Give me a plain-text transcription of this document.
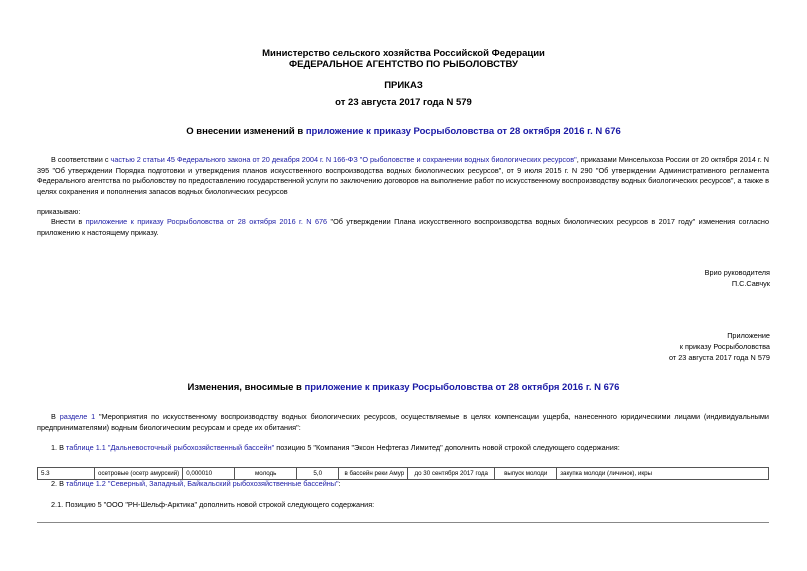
Министерство сельского хозяйства Российской Федерации
ФЕДЕРАЛЬНОЕ АГЕНТСТВО ПО РЫБОЛОВСТВУ
ПРИКАЗ
от 23 августа 2017 года N 579
О внесении изменений в приложение к приказу Росрыболовства от 28 октября 2016 г. N 676
В соответствии с частью 2 статьи 45 Федерального закона от 20 декабря 2004 г. N 166-ФЗ "О рыболовстве и сохранении водных биологических ресурсов", приказами Минсельхоза России от 20 октября 2014 г. N 395 "Об утверждении Порядка подготовки и утверждения планов искусственного воспроизводства водных биологических ресурсов", от 9 июля 2015 г. N 290 "Об утверждении Административного регламента Федерального агентства по рыболовству по предоставлению государственной услуги по заключению договоров на выполнение работ по искусственному воспроизводству водных биологических ресурсов", а также в целях сохранения и пополнения запасов водных биологических ресурсов
приказываю:
Внести в приложение к приказу Росрыболовства от 28 октября 2016 г. N 676 "Об утверждении Плана искусственного воспроизводства водных биологических ресурсов в 2017 году" изменения согласно приложению к настоящему приказу.
Врио руководителя
П.С.Савчук
Приложение
к приказу Росрыболовства
от 23 августа 2017 года N 579
Изменения, вносимые в приложение к приказу Росрыболовства от 28 октября 2016 г. N 676
В разделе 1 "Мероприятия по искусственному воспроизводству водных биологических ресурсов, осуществляемые в целях компенсации ущерба, нанесенного юридическими лицами (индивидуальными предпринимателями) водным биологическим ресурсам и среде их обитания":
1. В таблице 1.1 "Дальневосточный рыбохозяйственный бассейн" позицию 5 "Компания "Эксон Нефтегаз Лимитед" дополнить новой строкой следующего содержания:
5.3	осетровые (осетр амурский)	0,000010	молодь	5,0	в бассейн реки Амур	до 30 сентября 2017 года	выпуск молоди	закупка молоди (личинок), икры
2. В таблице 1.2 "Северный, Западный, Байкальский рыбохозяйственные бассейны":
2.1. Позицию 5 "ООО "РН-Шельф-Арктика" дополнить новой строкой следующего содержания:
